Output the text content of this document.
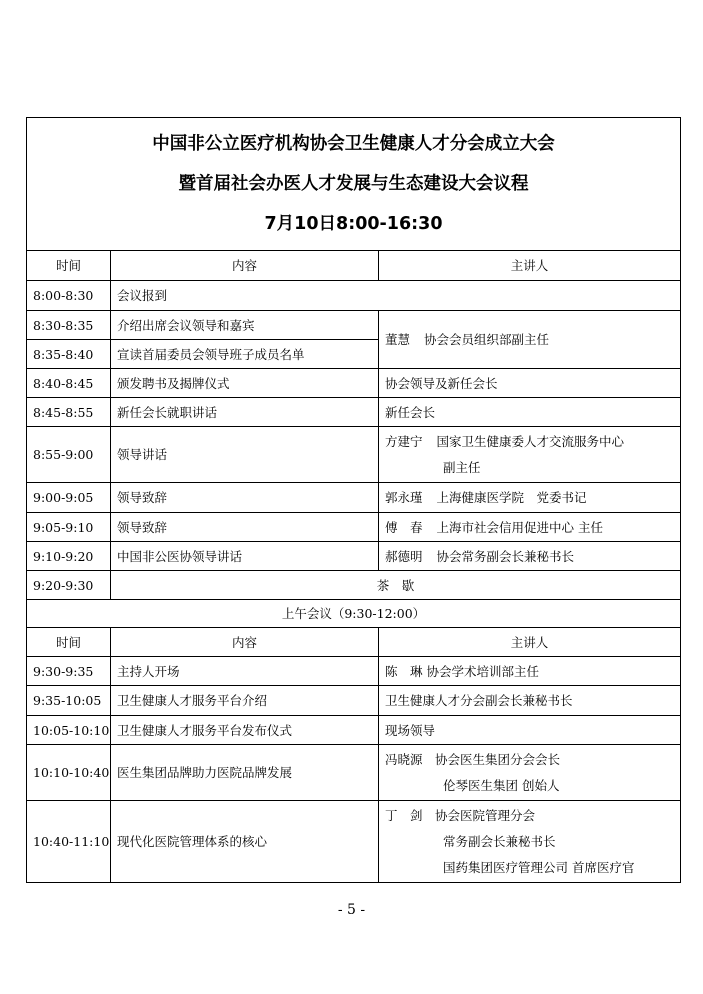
中国非公立医疗机构协会卫生健康人才分会成立大会
暨首届社会办医人才发展与生态建设大会议程
7月10日8:00-16:30		

时间	内容	主讲人
8:00-8:30	会议报到	
8:30-8:35	介绍出席会议领导和嘉宾	董慧 协会会员组织部副主任
8:35-8:40	宣读首届委员会领导班子成员名单	
8:40-8:45	颁发聘书及揭牌仪式	协会领导及新任会长
8:45-8:55	新任会长就职讲话	新任会长
8:55-9:00	领导讲话	方建宁 国家卫生健康委人才交流服务中心
副主任

9:00-9:05	领导致辞	郭永瑾 上海健康医学院　党委书记
9:05-9:10	领导致辞	傅　春 上海市社会信用促进中心 主任
9:10-9:20	中国非公医协领导讲话	郝德明 协会常务副会长兼秘书长
9:20-9:30	茶　歇	
上午会议（9:30-12:00）		
时间	内容	主讲人
9:30-9:35	主持人开场	陈　琳 协会学术培训部主任
9:35-10:05	卫生健康人才服务平台介绍	卫生健康人才分会副会长兼秘书长
10:05-10:10	卫生健康人才服务平台发布仪式	现场领导
10:10-10:40	医生集团品牌助力医院品牌发展	冯晓源　协会医生集团分会会长
伦琴医生集团 创始人

10:40-11:10	现代化医院管理体系的核心	丁　剑　协会医院管理分会
常务副会长兼秘书长
国药集团医疗管理公司 首席医疗官
- 5 -
